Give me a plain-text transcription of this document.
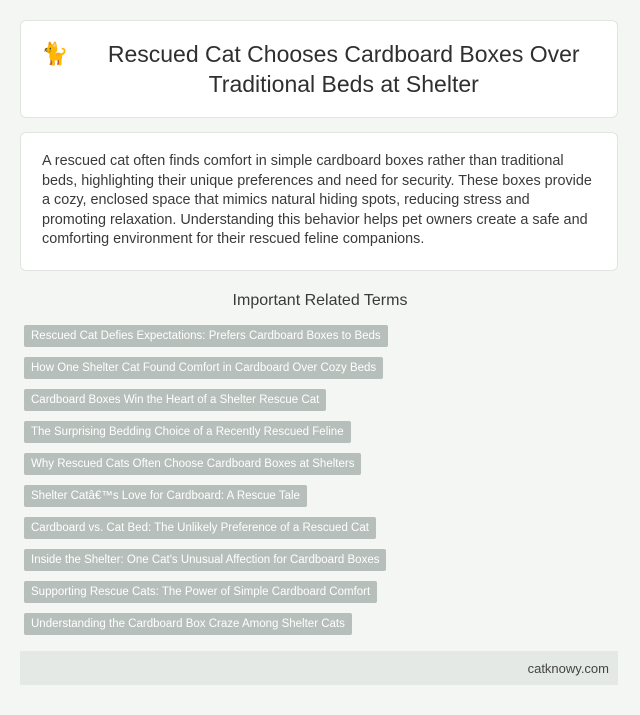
🐈	Rescued Cat Chooses Cardboard Boxes Over Traditional Beds at Shelter

A rescued cat often finds comfort in simple cardboard boxes rather than traditional beds, highlighting their unique preferences and need for security. These boxes provide a cozy, enclosed space that mimics natural hiding spots, reducing stress and promoting relaxation. Understanding this behavior helps pet owners create a safe and comforting environment for their rescued feline companions.

Important Related Terms
Rescued Cat Defies Expectations: Prefers Cardboard Boxes to Beds
How One Shelter Cat Found Comfort in Cardboard Over Cozy Beds
Cardboard Boxes Win the Heart of a Shelter Rescue Cat
The Surprising Bedding Choice of a Recently Rescued Feline
Why Rescued Cats Often Choose Cardboard Boxes at Shelters
Shelter Catâ€™s Love for Cardboard: A Rescue Tale
Cardboard vs. Cat Bed: The Unlikely Preference of a Rescued Cat
Inside the Shelter: One Cat's Unusual Affection for Cardboard Boxes
Supporting Rescue Cats: The Power of Simple Cardboard Comfort
Understanding the Cardboard Box Craze Among Shelter Cats
catknowy.com
